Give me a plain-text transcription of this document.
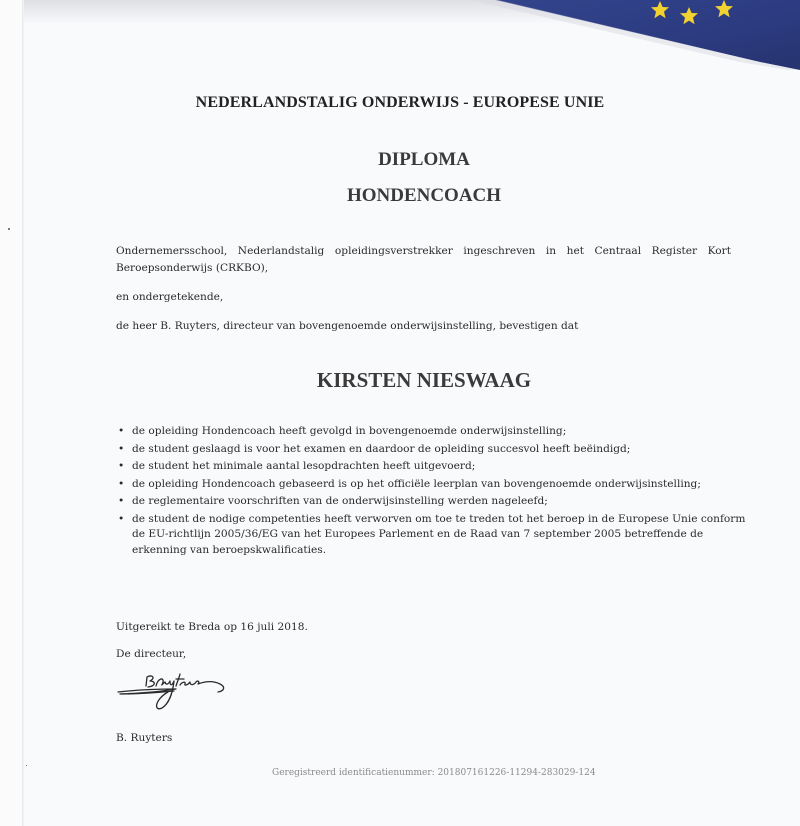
NEDERLANDSTALIG ONDERWIJS - EUROPESE UNIE
DIPLOMA
HONDENCOACH
Ondernemersschool, Nederlandstalig opleidingsverstrekker ingeschreven in het Centraal Register Kort
Beroepsonderwijs (CRKBO),
en ondergetekende,
de heer B. Ruyters, directeur van bovengenoemde onderwijsinstelling, bevestigen dat
KIRSTEN NIESWAAG
• de opleiding Hondencoach heeft gevolgd in bovengenoemde onderwijsinstelling;
• de student geslaagd is voor het examen en daardoor de opleiding succesvol heeft beëindigd;
• de student het minimale aantal lesopdrachten heeft uitgevoerd;
• de opleiding Hondencoach gebaseerd is op het officiële leerplan van bovengenoemde onderwijsinstelling;
• de reglementaire voorschriften van de onderwijsinstelling werden nageleefd;
• de student de nodige competenties heeft verworven om toe te treden tot het beroep in de Europese Unie conform de EU-richtlijn 2005/36/EG van het Europees Parlement en de Raad van 7 september 2005 betreffende de erkenning van beroepskwalificaties.
Uitgereikt te Breda op 16 juli 2018.
De directeur,
B. Ruyters
Geregistreerd identificatienummer: 201807161226-11294-283029-124
